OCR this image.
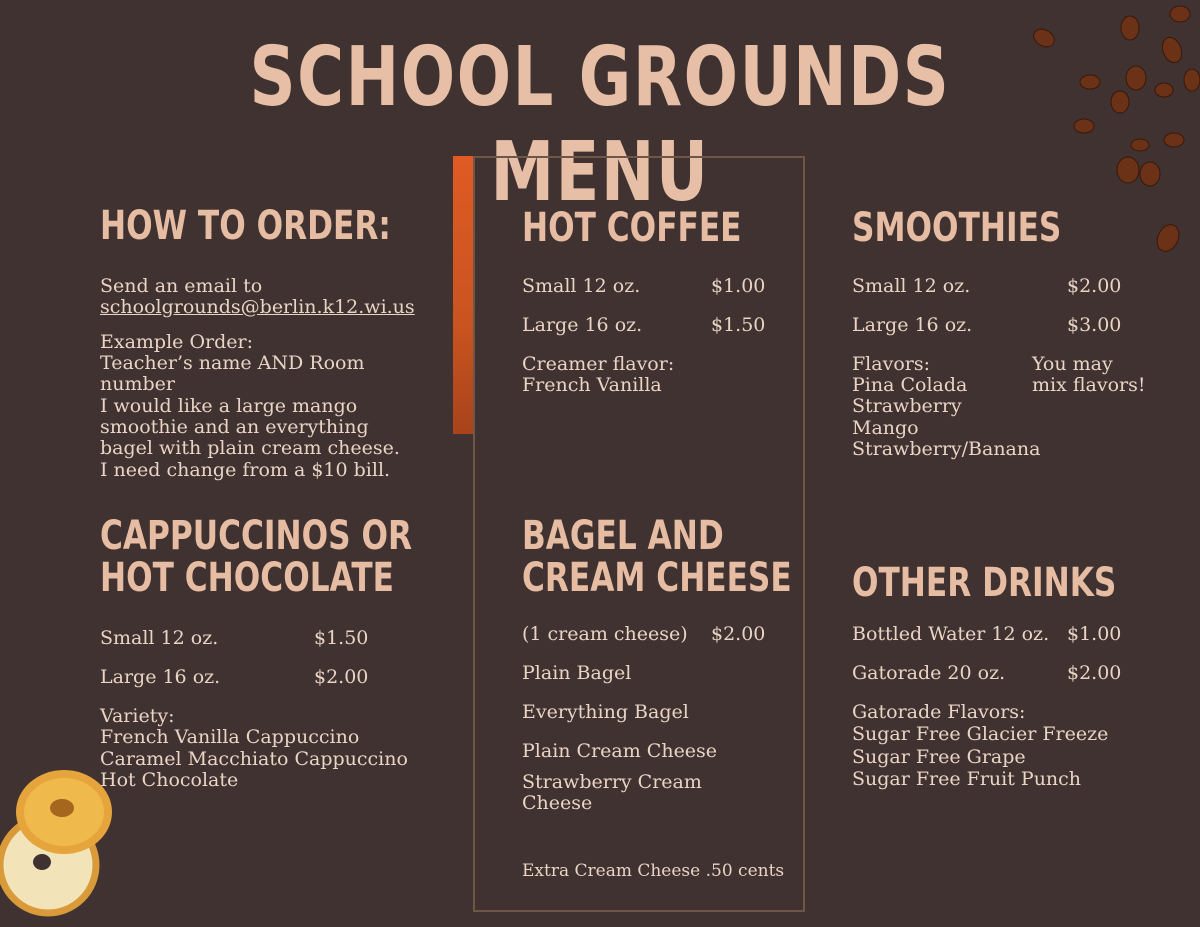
SCHOOL GROUNDS MENU
HOW TO ORDER:
Send an email to
schoolgrounds@berlin.k12.wi.us
Example Order:
Teacher’s name AND Room
number
I would like a large mango
smoothie and an everything
bagel with plain cream cheese.
I need change from a $10 bill.
CAPPUCCINOS OR
HOT CHOCOLATE
Small 12 oz.	$1.50
Large 16 oz.	$2.00
Variety:
French Vanilla Cappuccino
Caramel Macchiato Cappuccino
Hot Chocolate
HOT COFFEE
Small 12 oz.	$1.00
Large 16 oz.	$1.50
Creamer flavor:
French Vanilla
BAGEL AND
CREAM CHEESE
(1 cream cheese) $2.00
Plain Bagel
Everything Bagel
Plain Cream Cheese
Strawberry Cream
Cheese
Extra Cream Cheese .50 cents
SMOOTHIES
Small 12 oz.	$2.00
Large 16 oz.	$3.00
Flavors:
Pina Colada
Strawberry
Mango
Strawberry/Banana
You may
mix flavors!
OTHER DRINKS
Bottled Water 12 oz. $1.00
Gatorade 20 oz.	$2.00
Gatorade Flavors:
Sugar Free Glacier Freeze
Sugar Free Grape
Sugar Free Fruit Punch
